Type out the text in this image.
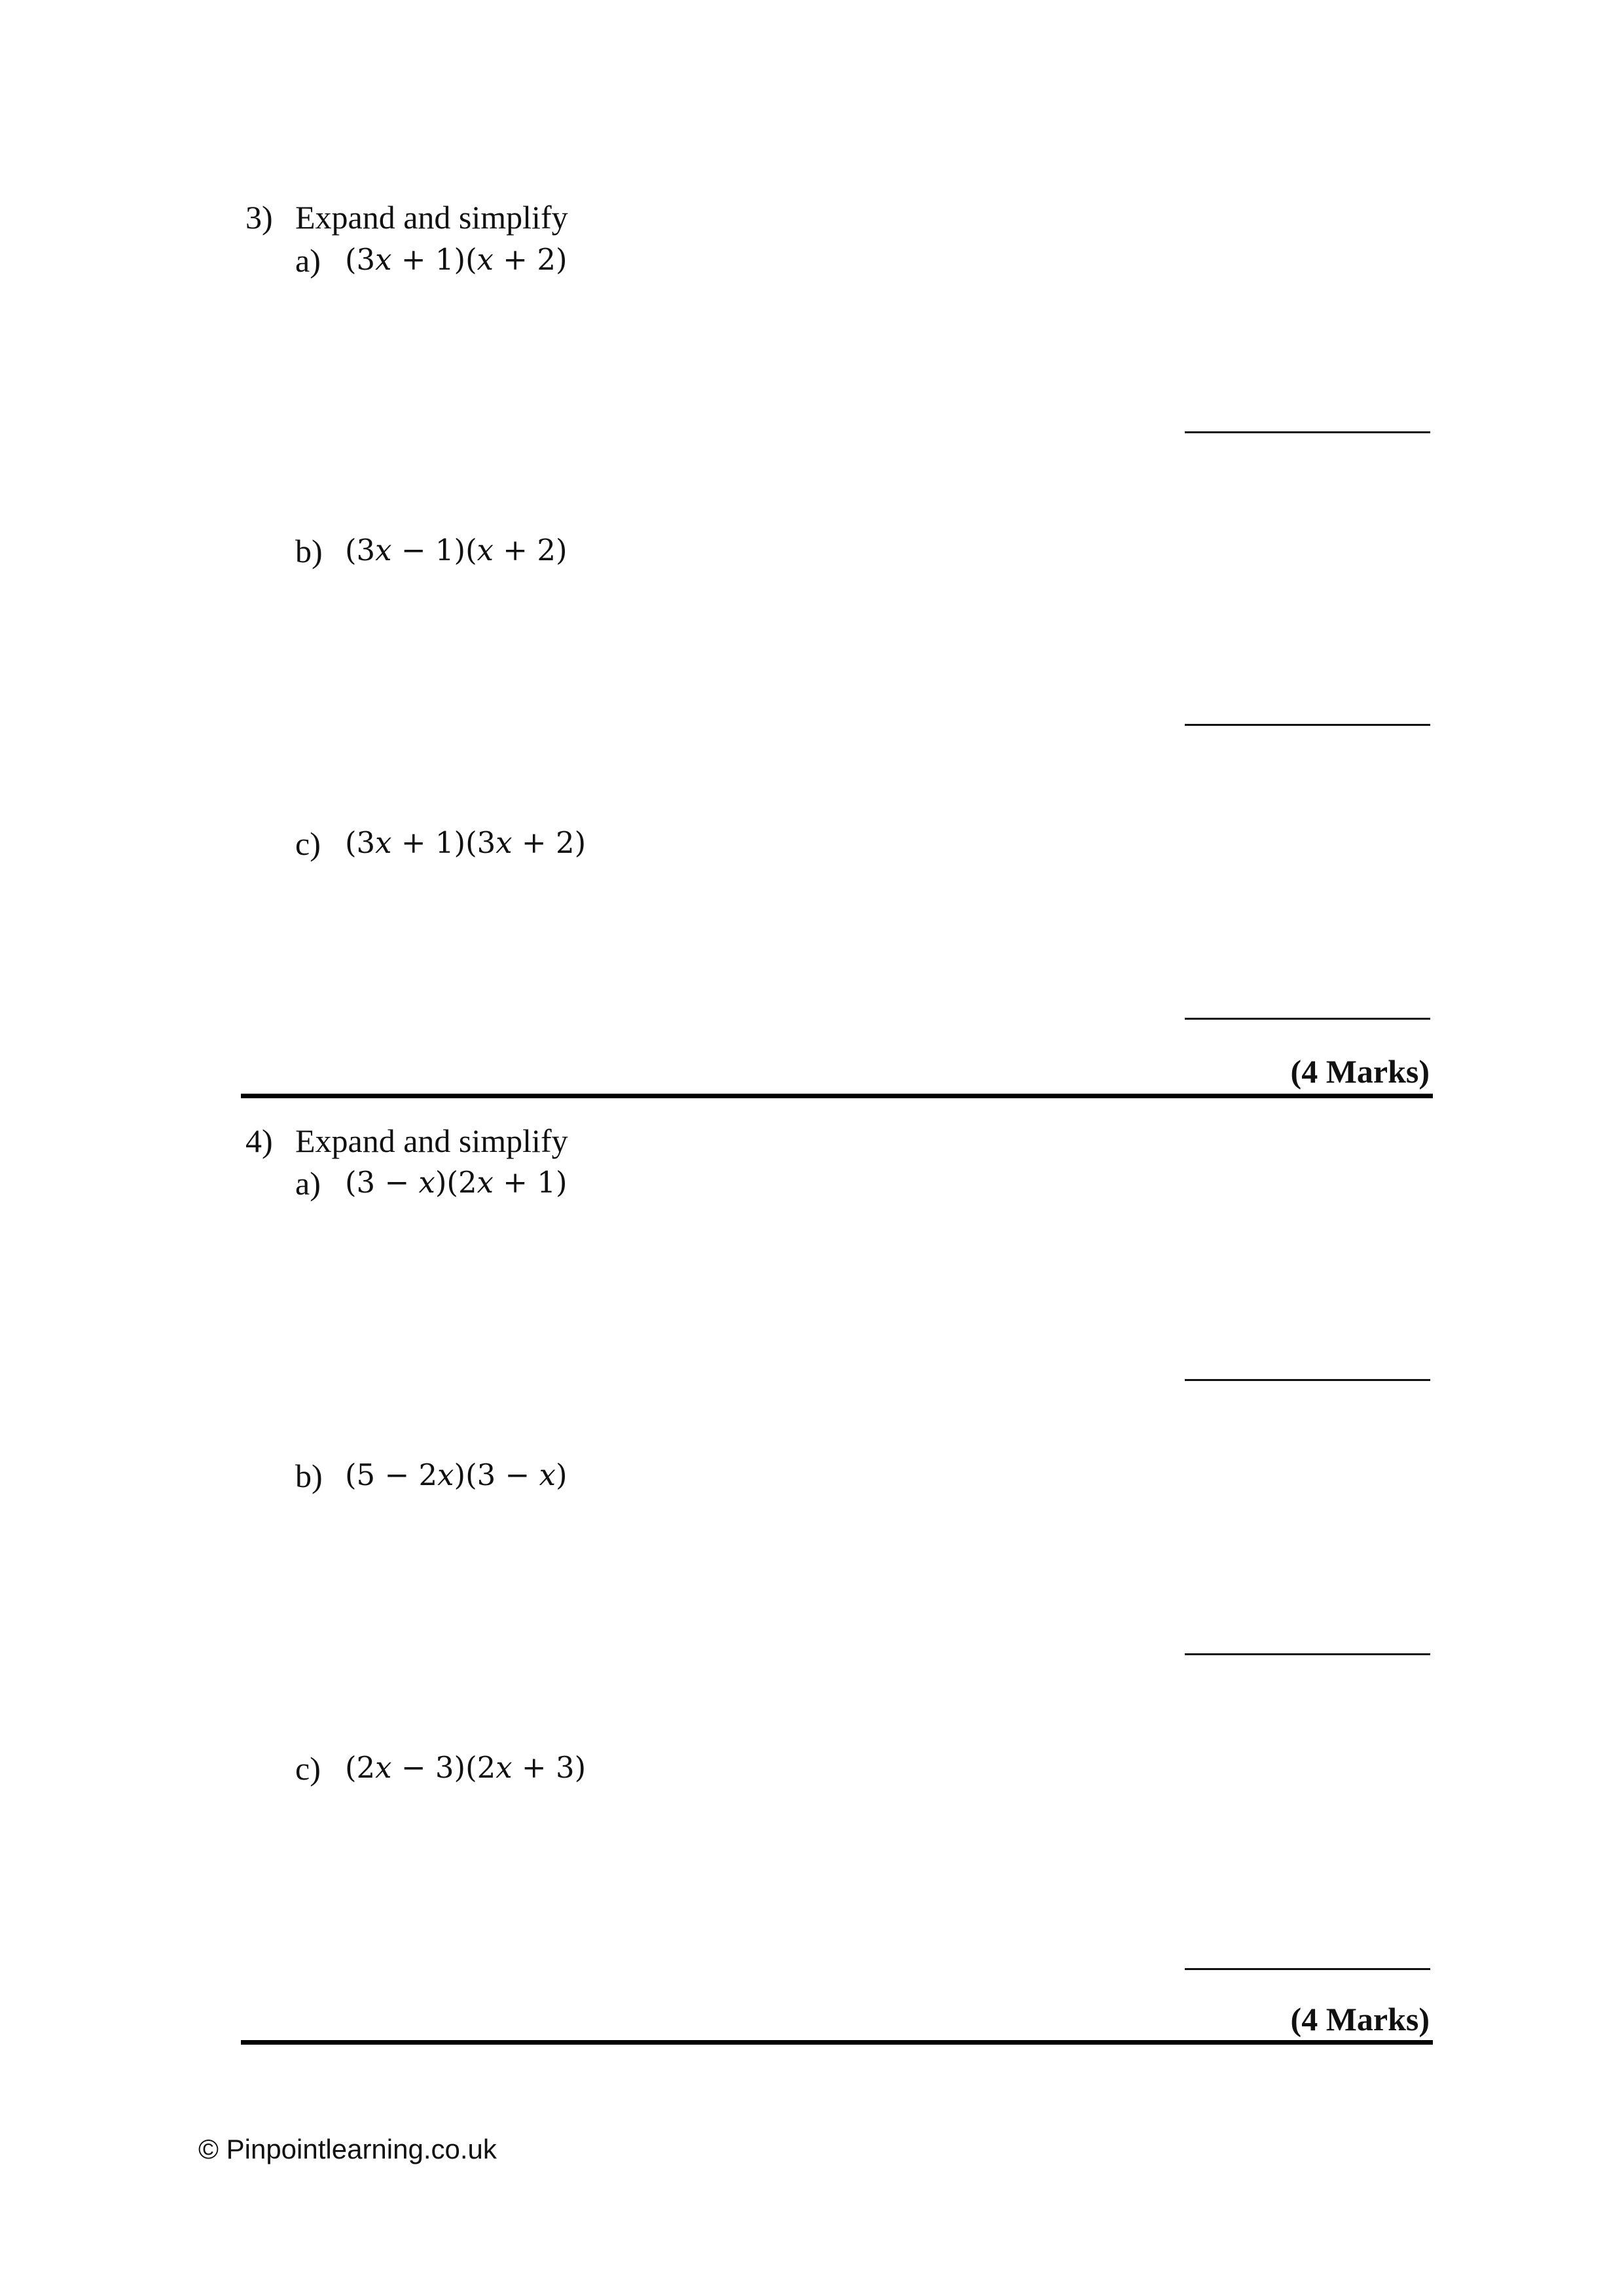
3) Expand and simplify
a) (3𝑥 + 1)(𝑥 + 2)
b) (3𝑥 − 1)(𝑥 + 2)
c) (3𝑥 + 1)(3𝑥 + 2)
(4 Marks)
4) Expand and simplify
a) (3 − 𝑥)(2𝑥 + 1)
b) (5 − 2𝑥)(3 − 𝑥)
c) (2𝑥 − 3)(2𝑥 + 3)
(4 Marks)
© Pinpointlearning.co.uk
